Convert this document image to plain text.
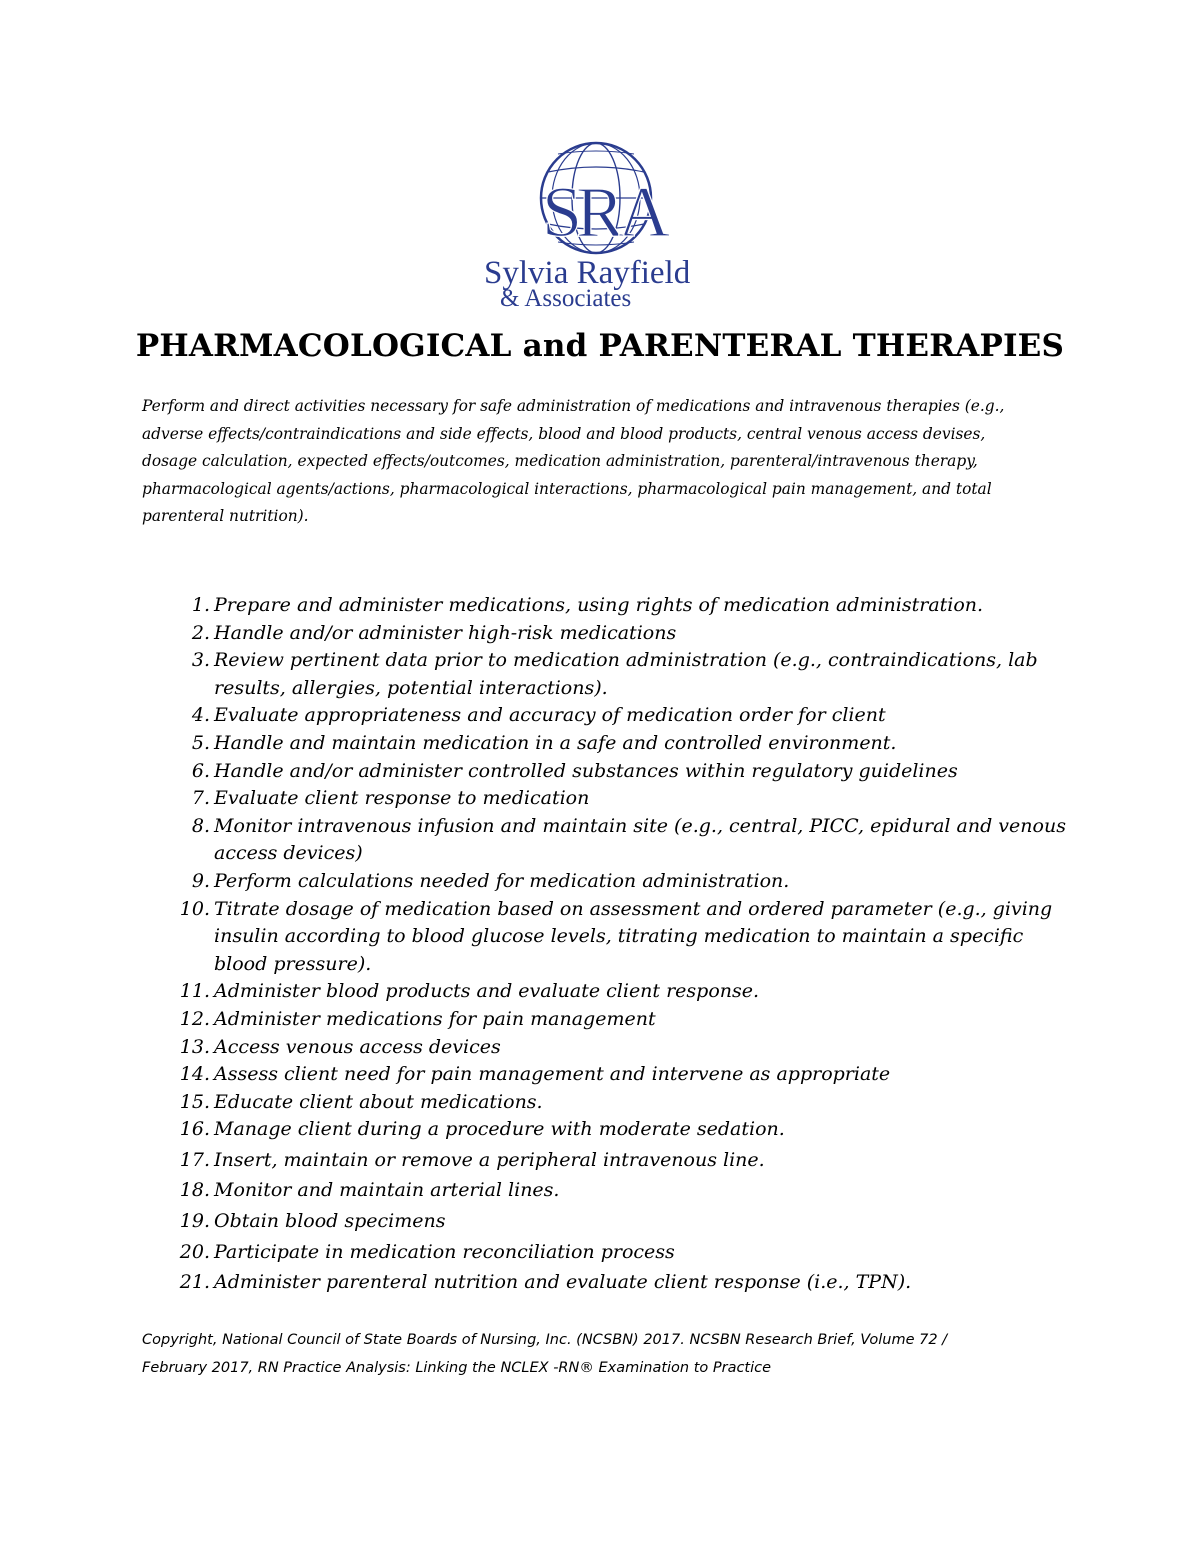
SRA
Sylvia Rayfield
& Associates
PHARMACOLOGICAL and PARENTERAL THERAPIES
Perform and direct activities necessary for safe administration of medications and intravenous therapies (e.g.,
adverse effects/contraindications and side effects, blood and blood products, central venous access devises,
dosage calculation, expected effects/outcomes, medication administration, parenteral/intravenous therapy,
pharmacological agents/actions, pharmacological interactions, pharmacological pain management, and total
parenteral nutrition).
1. Prepare and administer medications, using rights of medication administration.
2. Handle and/or administer high-risk medications
3. Review pertinent data prior to medication administration (e.g., contraindications, lab results, allergies, potential interactions).
4. Evaluate appropriateness and accuracy of medication order for client
5. Handle and maintain medication in a safe and controlled environment.
6. Handle and/or administer controlled substances within regulatory guidelines
7. Evaluate client response to medication
8. Monitor intravenous infusion and maintain site (e.g., central, PICC, epidural and venous access devices)
9. Perform calculations needed for medication administration.
10. Titrate dosage of medication based on assessment and ordered parameter (e.g., giving insulin according to blood glucose levels, titrating medication to maintain a specific blood pressure).
11. Administer blood products and evaluate client response.
12. Administer medications for pain management
13. Access venous access devices
14. Assess client need for pain management and intervene as appropriate
15. Educate client about medications.
16. Manage client during a procedure with moderate sedation.
17. Insert, maintain or remove a peripheral intravenous line.
18. Monitor and maintain arterial lines.
19. Obtain blood specimens
20. Participate in medication reconciliation process
21. Administer parenteral nutrition and evaluate client response (i.e., TPN).
Copyright, National Council of State Boards of Nursing, Inc. (NCSBN) 2017. NCSBN Research Brief, Volume 72 /
February 2017, RN Practice Analysis: Linking the NCLEX -RN® Examination to Practice
